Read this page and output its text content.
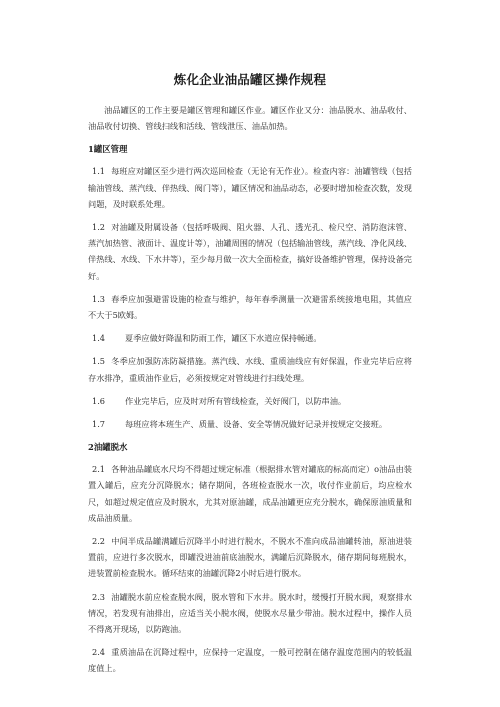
炼化企业油品罐区操作规程

油品罐区的工作主要是罐区管理和罐区作业。罐区作业又分：油品脱水、油品收付、油品收付切换、管线扫线和活线、管线泄压、油品加热。

1罐区管理
1.1 每班应对罐区至少进行两次巡回检查（无论有无作业）。检查内容：油罐管线（包括输油管线、蒸汽线、伴热线、阀门等），罐区情况和油品动态，必要时增加检查次数，发现问题，及时联系处理。
1.2 对油罐及附属设备（包括呼吸阀、阻火器、人孔、透光孔、检尺空、消防泡沫管、蒸汽加热管、液面计、温度计等），油罐周围的情况（包括输油管线，蒸汽线、净化风线、伴热线、水线、下水井等），至少每月做一次大全面检查，搞好设备维护管理，保持设备完好。
1.3 春季应加强避雷设施的检查与维护，每年春季测量一次避雷系统接地电阻，其值应不大于5欧姆。
1.4 夏季应做好降温和防雨工作，罐区下水道应保持畅通。
1.5 冬季应加强防冻防凝措施。蒸汽线、水线、重质油线应有好保温，作业完毕后应将存水排净，重质油作业后，必须按规定对管线进行扫线处理。
1.6 作业完毕后，应及时对所有管线检查，关好阀门，以防串油。
1.7 每班应将本班生产、质量、设备、安全等情况做好记录并按规定交接班。
2油罐脱水
2.1 各种油品罐底水尺均不得超过规定标准（根据排水管对罐底的标高而定）o油品由装置入罐后，应充分沉降脱水；储存期间，各班检查脱水一次，收付作业前后，均应检水尺，如超过规定值应及时脱水，尤其对原油罐，成品油罐更应充分脱水，确保原油质量和成品油质量。
2.2 中间半成品罐满罐后沉降半小时进行脱水，不脱水不准向成品油罐转油，原油进装置前，应进行多次脱水，即罐没进油前底油脱水，满罐后沉降脱水，储存期间每班脱水，进装置前检查脱水。循环结束的油罐沉降2小时后进行脱水。
2.3 油罐脱水前应检查脱水阀，脱水管和下水井。脱水时，缓慢打开脱水阀，观察排水情况，若发现有油排出，应适当关小脱水阀，使脱水尽量少带油。脱水过程中，操作人员不得离开现场，以防跑油。
2.4 重质油品在沉降过程中，应保持一定温度，一般可控制在储存温度范围内的较低温度值上。
